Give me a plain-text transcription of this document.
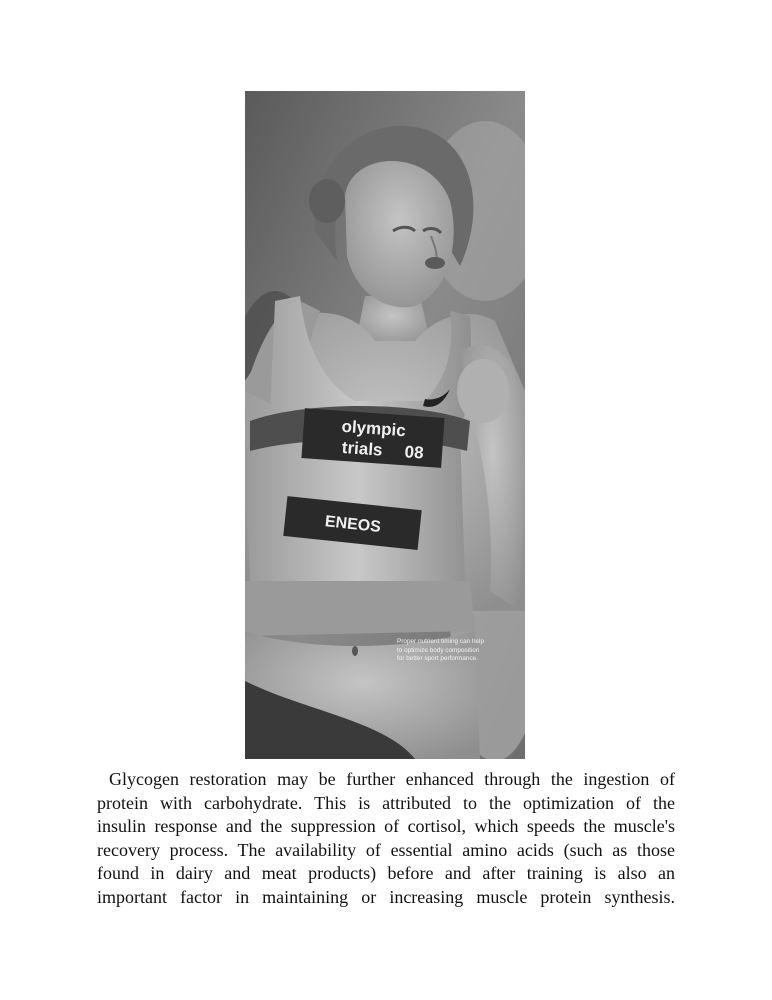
olympic
trials 08
ENEOS
Proper nutrient timing can help
to optimize body composition
for better sport performance.
Glycogen restoration may be further enhanced through the ingestion of
protein with carbohydrate. This is attributed to the optimization of the
insulin response and the suppression of cortisol, which speeds the muscle's
recovery process. The availability of essential amino acids (such as those
found in dairy and meat products) before and after training is also an
important factor in maintaining or increasing muscle protein synthesis.
